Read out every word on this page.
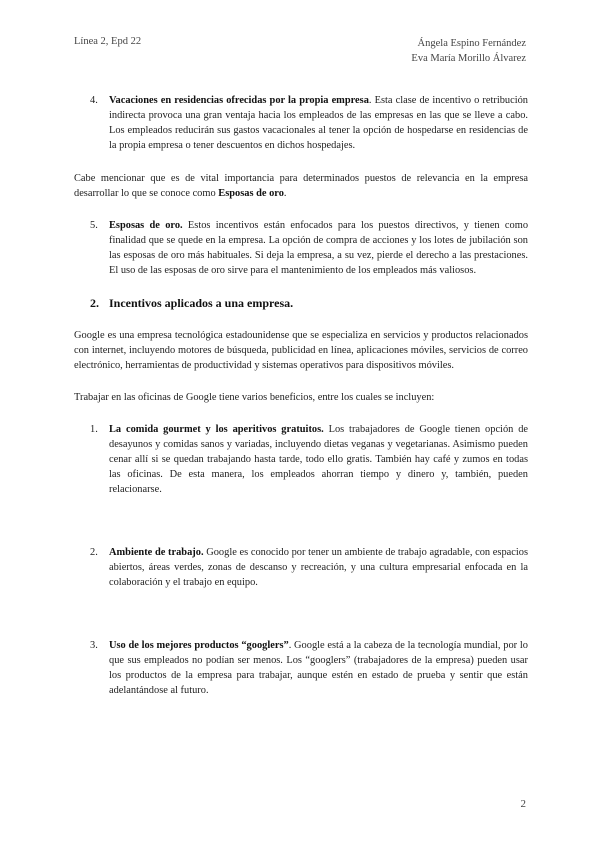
Línea 2, Epd 22	Ángela Espino Fernández
Eva María Morillo Álvarez
4. Vacaciones en residencias ofrecidas por la propia empresa. Esta clase de incentivo o retribución indirecta provoca una gran ventaja hacia los empleados de las empresas en las que se lleve a cabo. Los empleados reducirán sus gastos vacacionales al tener la opción de hospedarse en residencias de la propia empresa o tener descuentos en dichos hospedajes.

Cabe mencionar que es de vital importancia para determinados puestos de relevancia en la empresa desarrollar lo que se conoce como Esposas de oro.

5. Esposas de oro. Estos incentivos están enfocados para los puestos directivos, y tienen como finalidad que se quede en la empresa. La opción de compra de acciones y los lotes de jubilación son las esposas de oro más habituales. Si deja la empresa, a su vez, pierde el derecho a las prestaciones. El uso de las esposas de oro sirve para el mantenimiento de los empleados más valiosos.
2. Incentivos aplicados a una empresa.

Google es una empresa tecnológica estadounidense que se especializa en servicios y productos relacionados con internet, incluyendo motores de búsqueda, publicidad en línea, aplicaciones móviles, servicios de correo electrónico, herramientas de productividad y sistemas operativos para dispositivos móviles.

Trabajar en las oficinas de Google tiene varios beneficios, entre los cuales se incluyen:

1. La comida gourmet y los aperitivos gratuitos. Los trabajadores de Google tienen opción de desayunos y comidas sanos y variadas, incluyendo dietas veganas y vegetarianas. Asimismo pueden cenar allí si se quedan trabajando hasta tarde, todo ello gratis. También hay café y zumos en todas las oficinas. De esta manera, los empleados ahorran tiempo y dinero y, también, pueden relacionarse.
2. Ambiente de trabajo. Google es conocido por tener un ambiente de trabajo agradable, con espacios abiertos, áreas verdes, zonas de descanso y recreación, y una cultura empresarial enfocada en la colaboración y el trabajo en equipo.
3. Uso de los mejores productos “googlers”. Google está a la cabeza de la tecnología mundial, por lo que sus empleados no podían ser menos. Los “googlers” (trabajadores de la empresa) pueden usar los productos de la empresa para trabajar, aunque estén en estado de prueba y sentir que están adelantándose al futuro.
2
